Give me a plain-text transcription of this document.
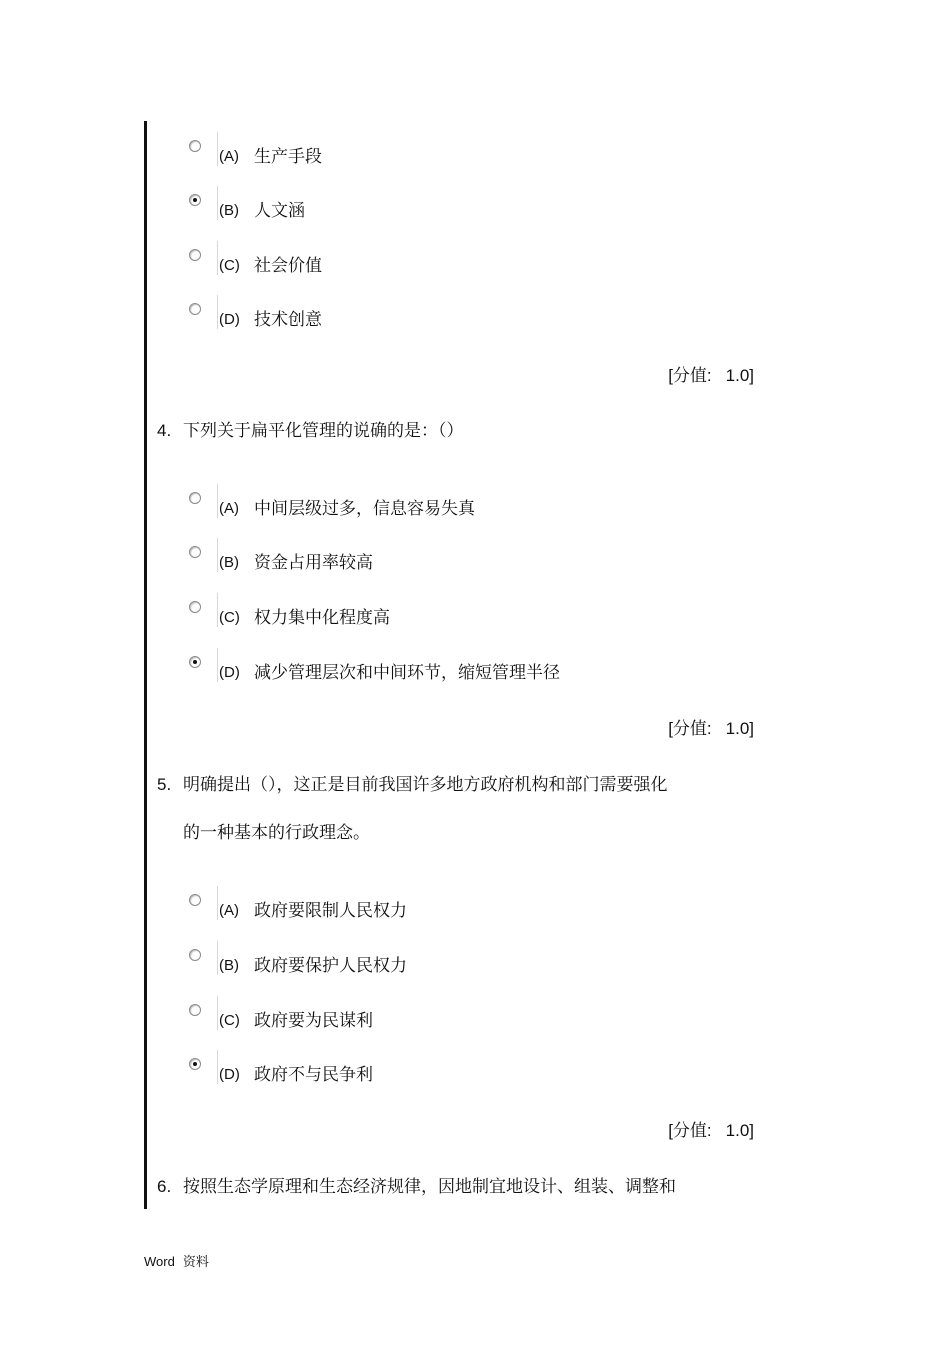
(A) 生产手段
(B) 人文涵
(C) 社会价值
(D) 技术创意
[分值: 1.0]
4. 下列关于扁平化管理的说确的是：（）
(A) 中间层级过多，信息容易失真
(B) 资金占用率较高
(C) 权力集中化程度高
(D) 减少管理层次和中间环节，缩短管理半径
[分值: 1.0]
5. 明确提出（），这正是目前我国许多地方政府机构和部门需要强化
的一种基本的行政理念。
(A) 政府要限制人民权力
(B) 政府要保护人民权力
(C) 政府要为民谋利
(D) 政府不与民争利
[分值: 1.0]
6. 按照生态学原理和生态经济规律，因地制宜地设计、组装、调整和
Word 资料
